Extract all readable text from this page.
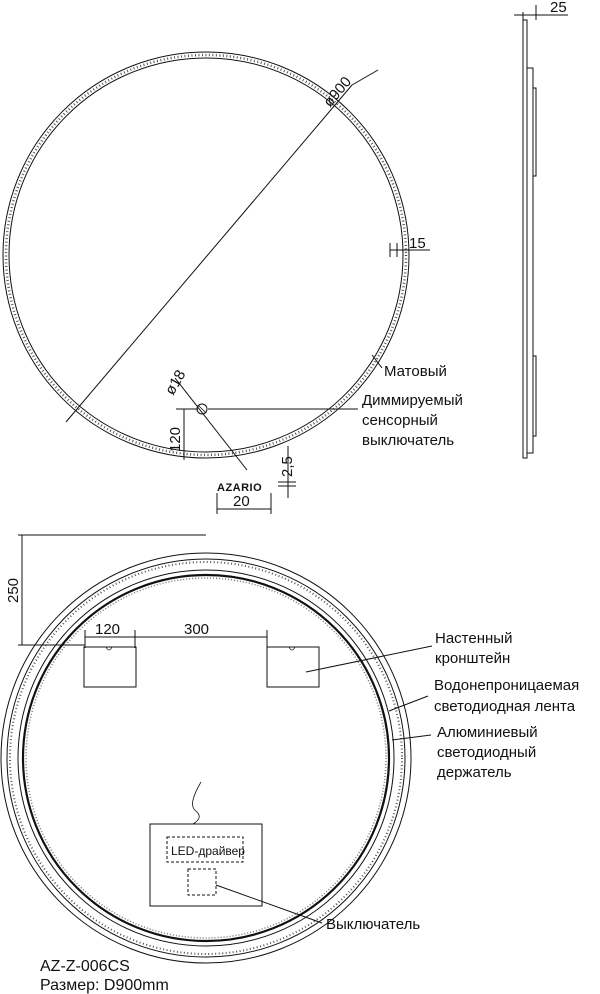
ø900
15
Матовый
ø18
Диммируемый
сенсорный
выключатель
120
AZARIO
2,5
20
25
250
120	300
Настенный
кронштейн
Водонепроницаемая
светодиодная лента
Алюминиевый
светодиодный
держатель
LED-драйвер
Выключатель
AZ-Z-006CS
Размер: D900mm
